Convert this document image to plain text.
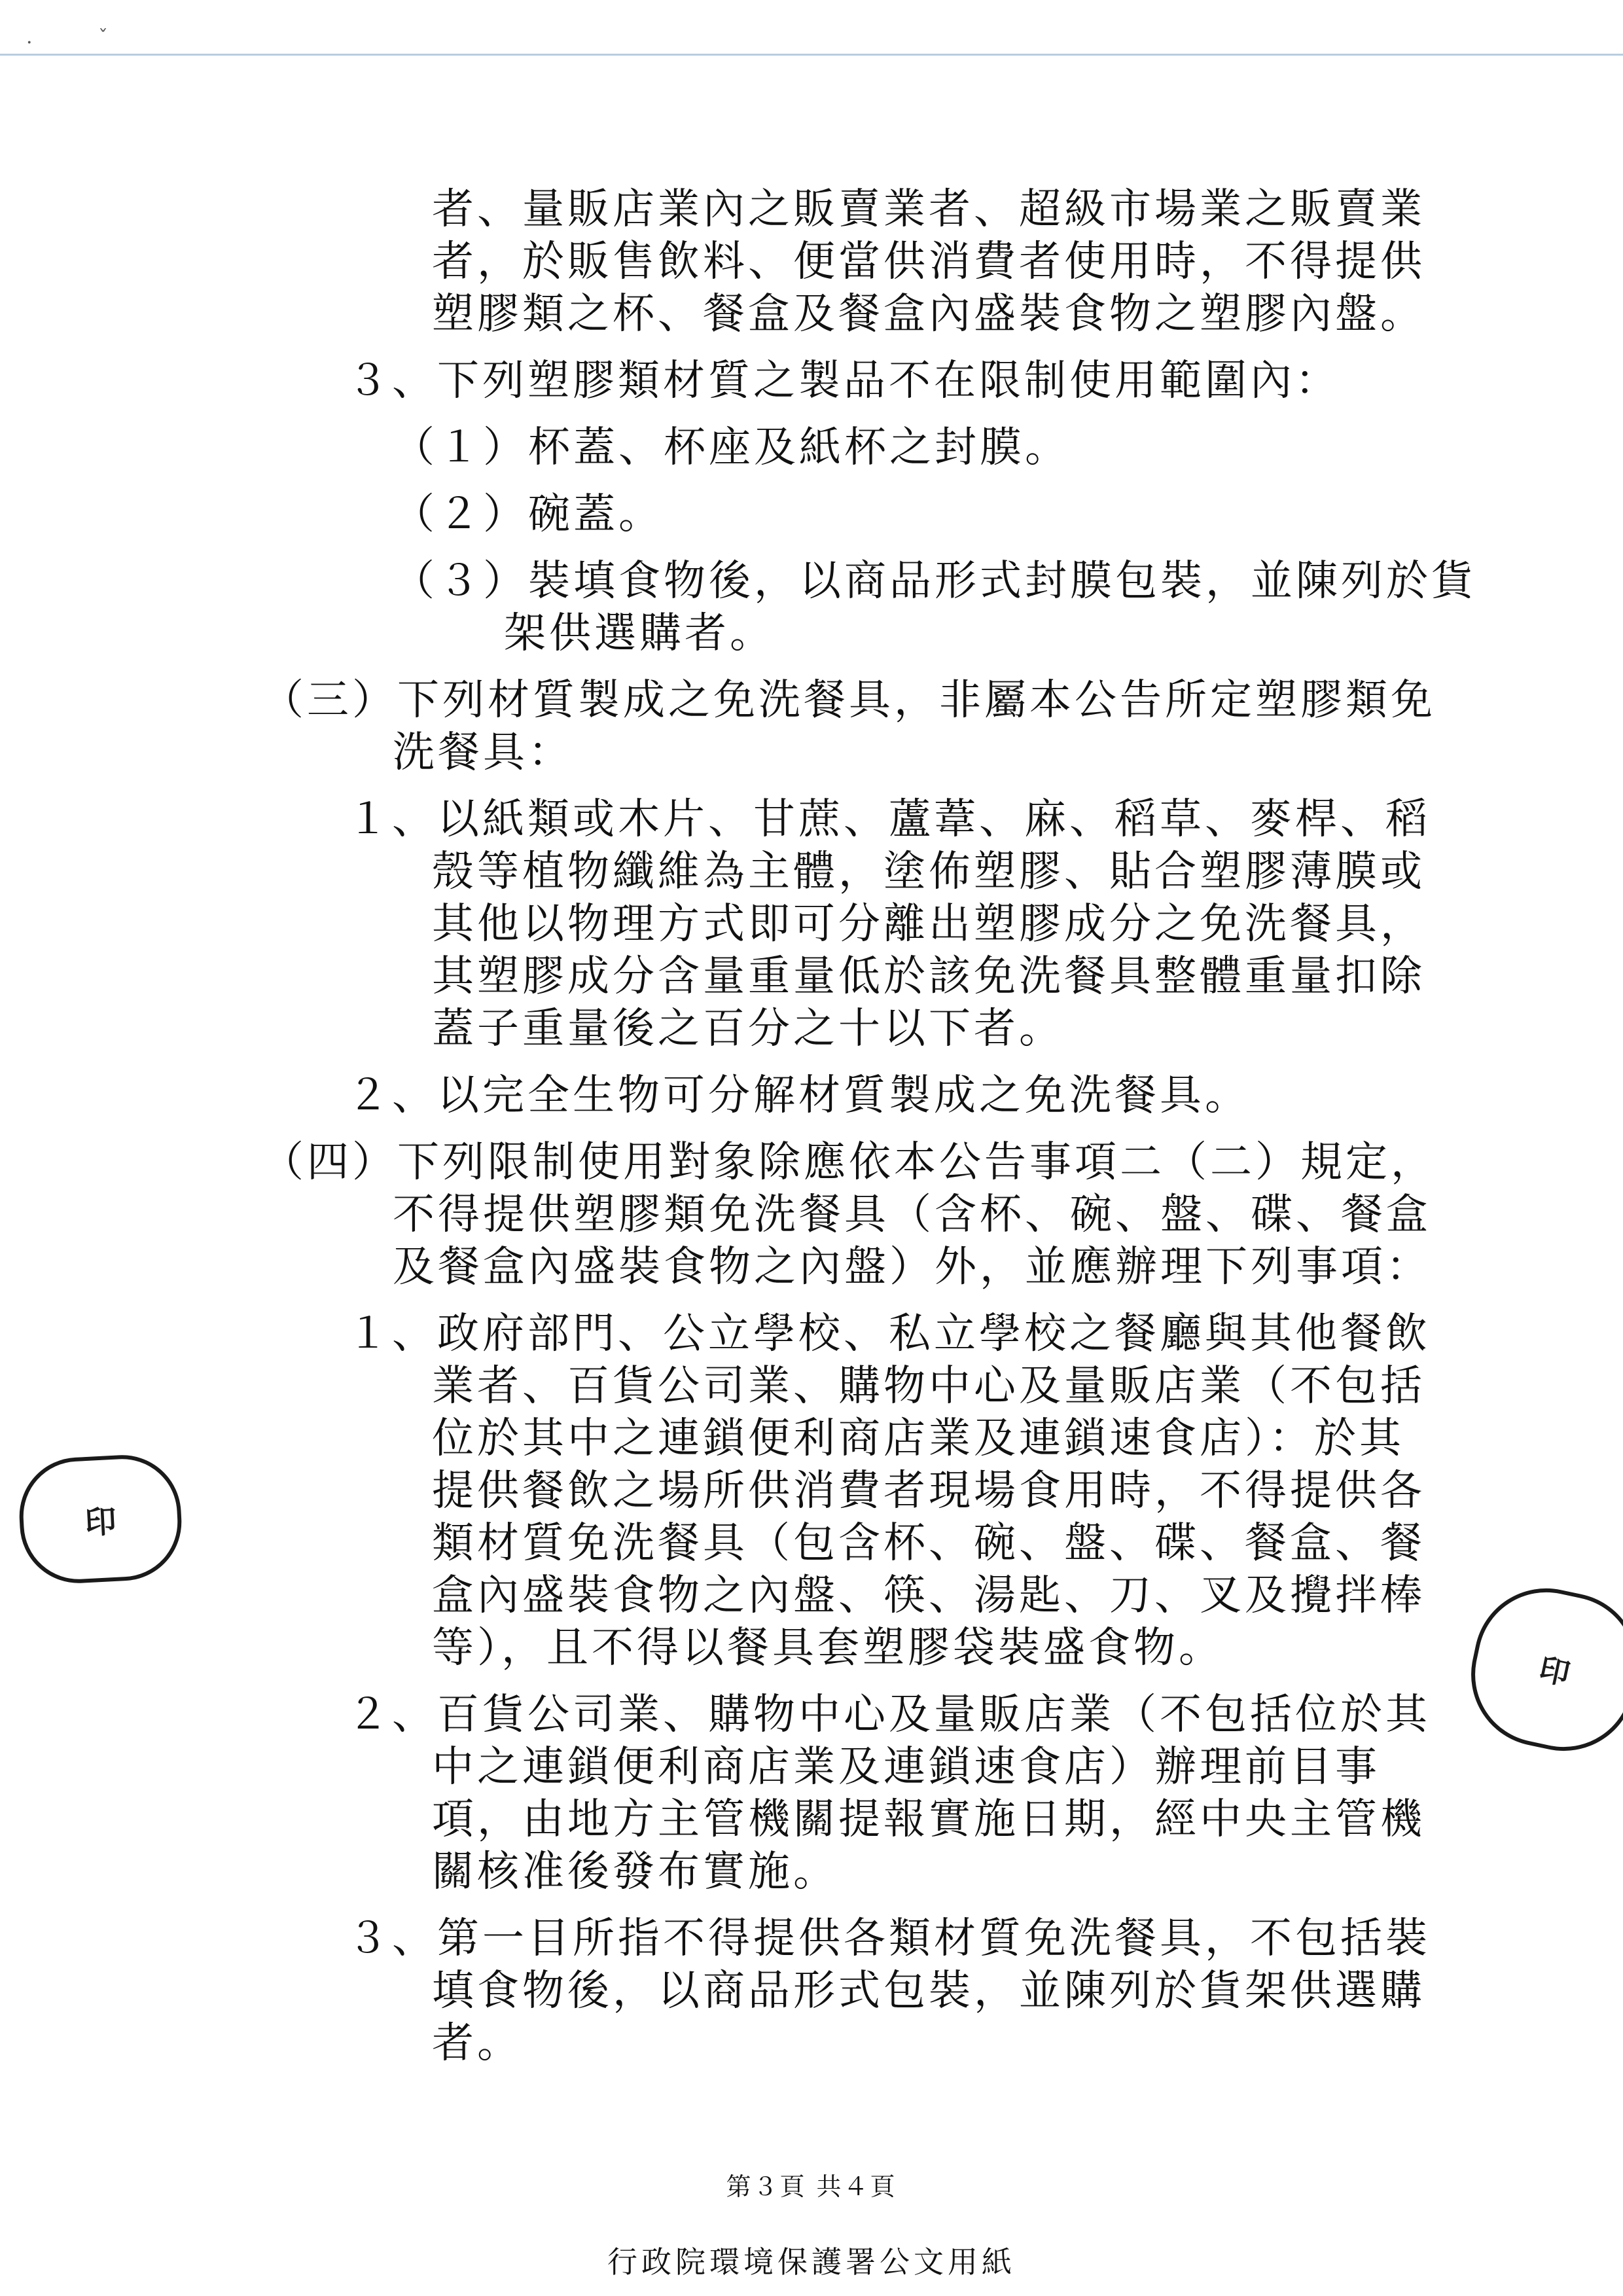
·	ˇ
者、量販店業內之販賣業者、超級市場業之販賣業
者，於販售飲料、便當供消費者使用時，不得提供
塑膠類之杯、餐盒及餐盒內盛裝食物之塑膠內盤。
３、下列塑膠類材質之製品不在限制使用範圍內：
（１）杯蓋、杯座及紙杯之封膜。
（２）碗蓋。
（３）裝填食物後，以商品形式封膜包裝，並陳列於貨
架供選購者。
（三）下列材質製成之免洗餐具，非屬本公告所定塑膠類免
洗餐具：
１、以紙類或木片、甘蔗、蘆葦、麻、稻草、麥桿、稻
殼等植物纖維為主體，塗佈塑膠、貼合塑膠薄膜或
其他以物理方式即可分離出塑膠成分之免洗餐具，
其塑膠成分含量重量低於該免洗餐具整體重量扣除
蓋子重量後之百分之十以下者。
２、以完全生物可分解材質製成之免洗餐具。
（四）下列限制使用對象除應依本公告事項二（二）規定，
不得提供塑膠類免洗餐具（含杯、碗、盤、碟、餐盒
及餐盒內盛裝食物之內盤）外，並應辦理下列事項：
１、政府部門、公立學校、私立學校之餐廳與其他餐飲
業者、百貨公司業、購物中心及量販店業（不包括
位於其中之連鎖便利商店業及連鎖速食店）：於其
提供餐飲之場所供消費者現場食用時，不得提供各
類材質免洗餐具（包含杯、碗、盤、碟、餐盒、餐
盒內盛裝食物之內盤、筷、湯匙、刀、叉及攪拌棒
等），且不得以餐具套塑膠袋裝盛食物。
２、百貨公司業、購物中心及量販店業（不包括位於其
中之連鎖便利商店業及連鎖速食店）辦理前目事
項，由地方主管機關提報實施日期，經中央主管機
關核准後發布實施。
３、第一目所指不得提供各類材質免洗餐具，不包括裝
填食物後，以商品形式包裝，並陳列於貨架供選購
者。
印
印
第３頁 共４頁
行政院環境保護署公文用紙
